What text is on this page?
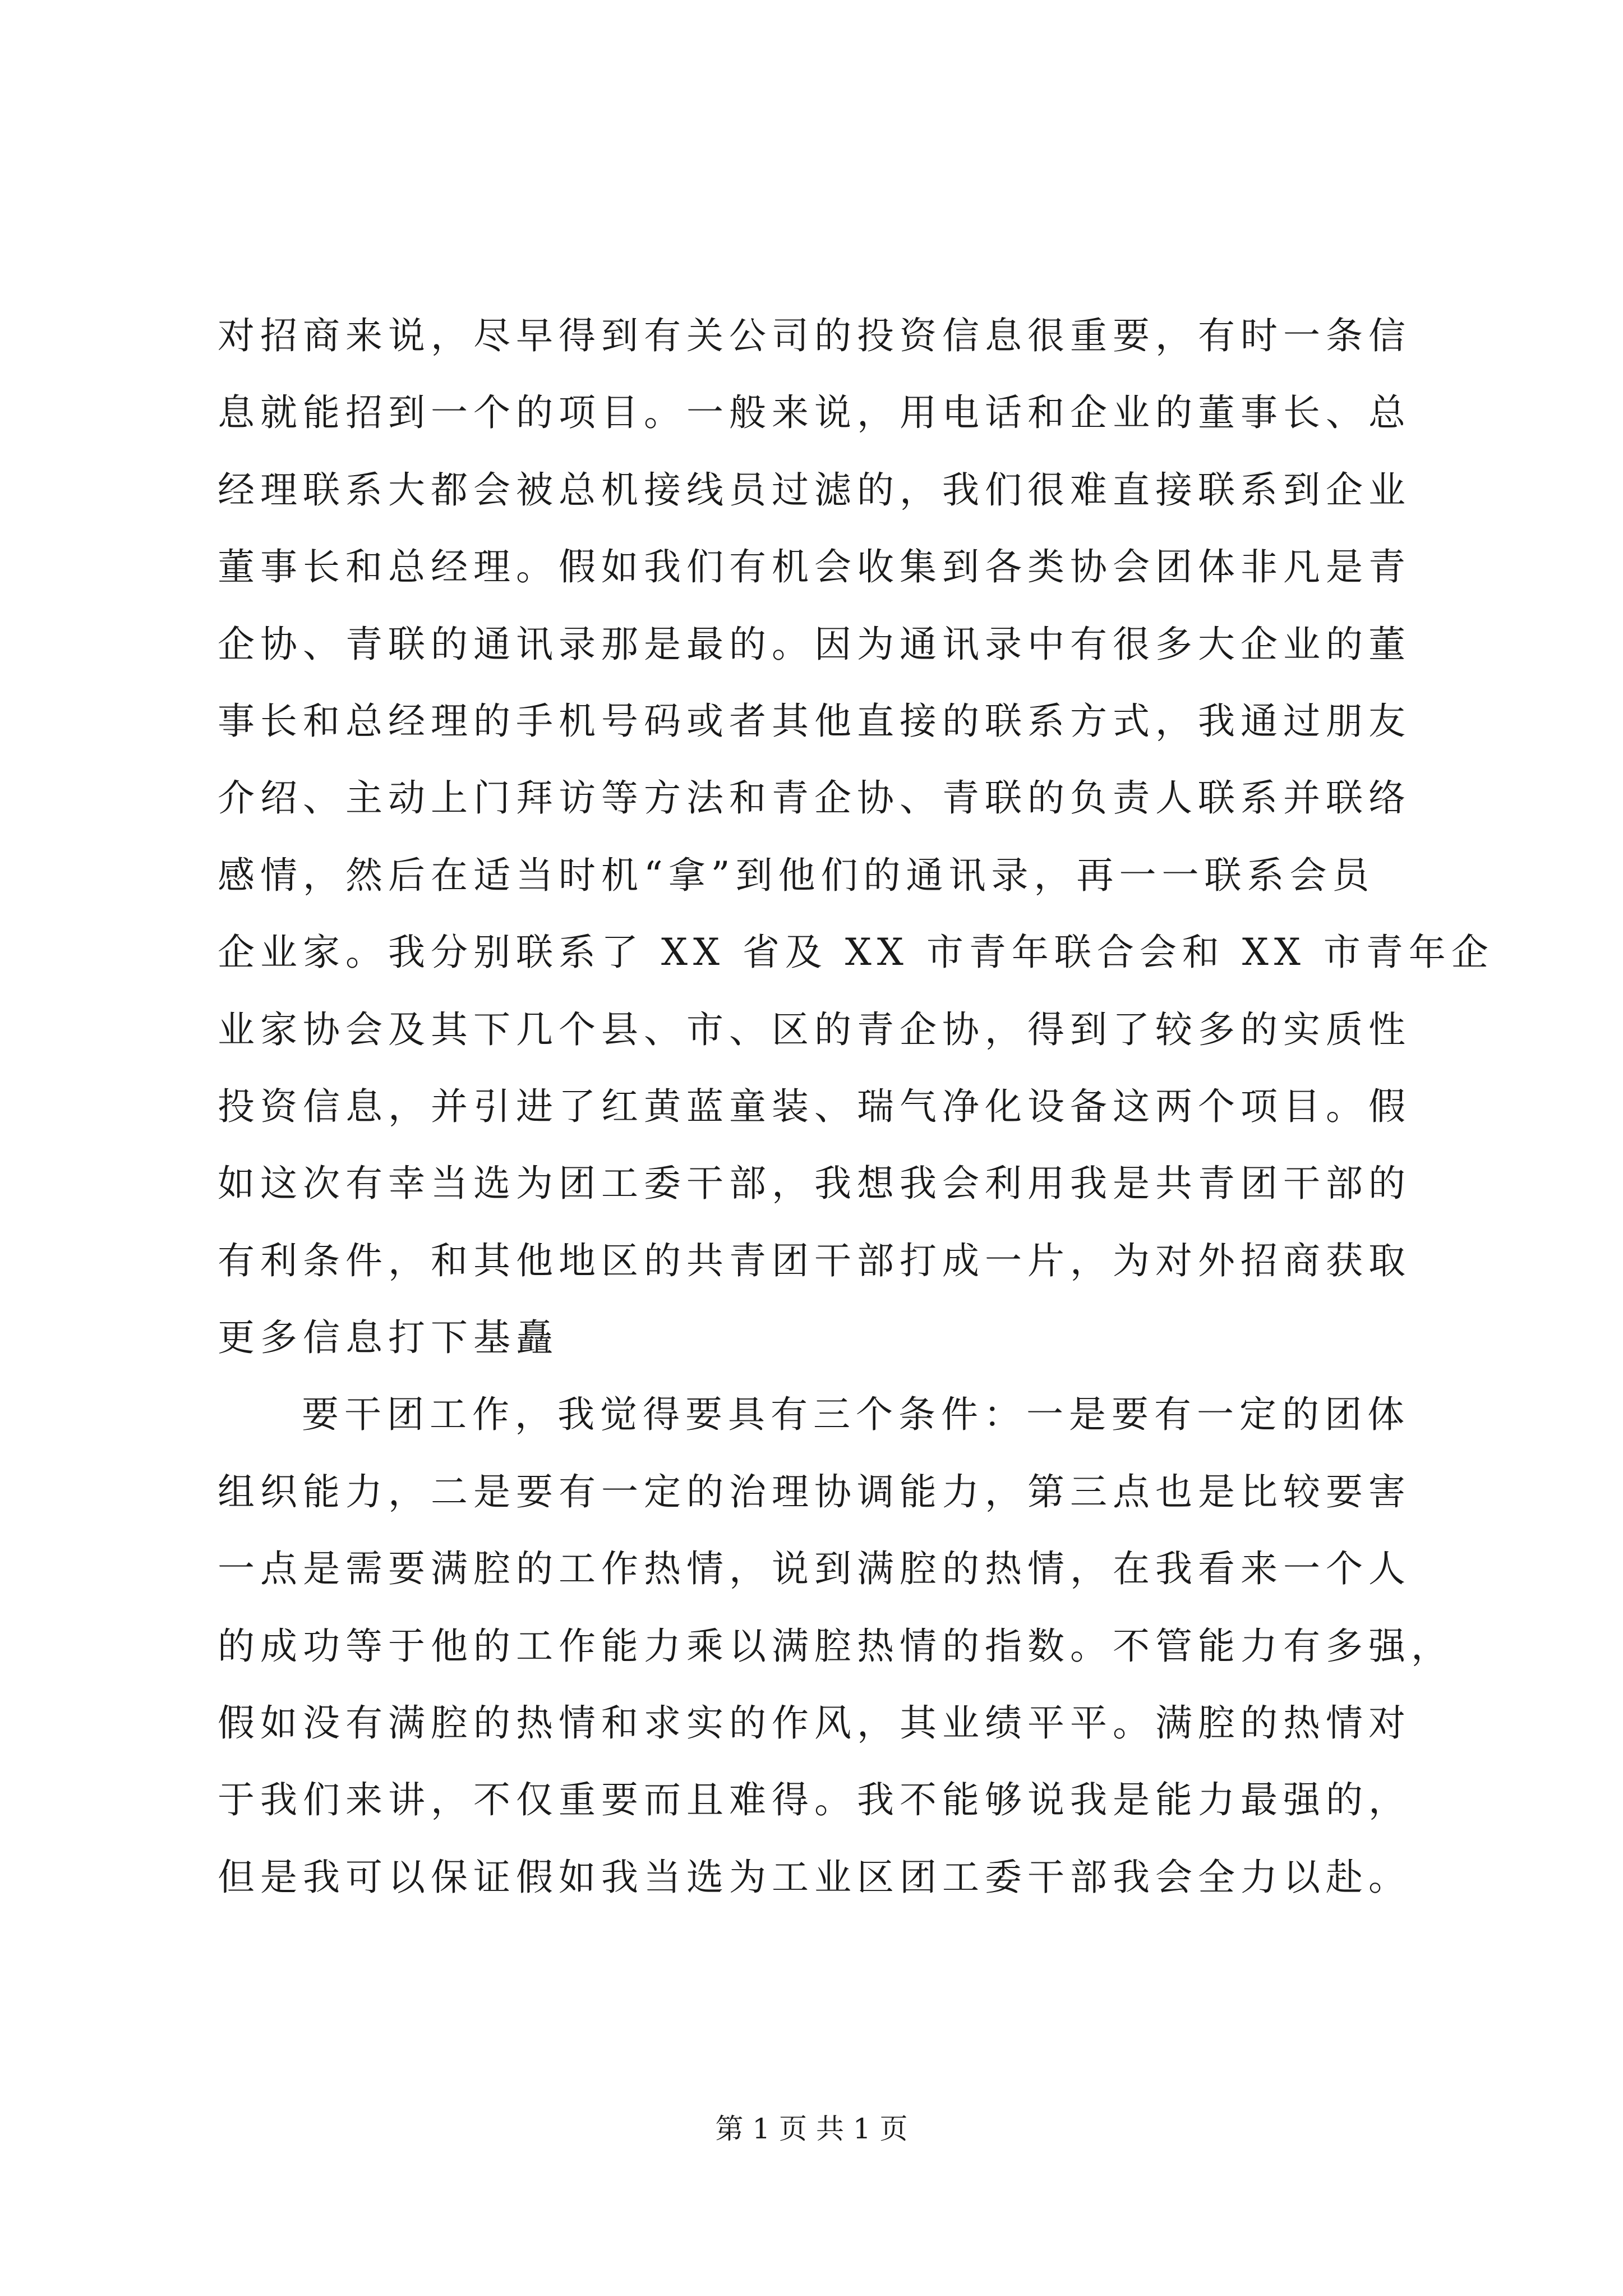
对招商来说，尽早得到有关公司的投资信息很重要，有时一条信
息就能招到一个的项目。一般来说，用电话和企业的董事长、总
经理联系大都会被总机接线员过滤的，我们很难直接联系到企业
董事长和总经理。假如我们有机会收集到各类协会团体非凡是青
企协、青联的通讯录那是最的。因为通讯录中有很多大企业的董
事长和总经理的手机号码或者其他直接的联系方式，我通过朋友
介绍、主动上门拜访等方法和青企协、青联的负责人联系并联络
感情，然后在适当时机“拿”到他们的通讯录，再一一联系会员
企业家。我分别联系了 XX 省及 XX 市青年联合会和 XX 市青年企
业家协会及其下几个县、市、区的青企协，得到了较多的实质性
投资信息，并引进了红黄蓝童装、瑞气净化设备这两个项目。假
如这次有幸当选为团工委干部，我想我会利用我是共青团干部的
有利条件，和其他地区的共青团干部打成一片，为对外招商获取
更多信息打下基矗
要干团工作，我觉得要具有三个条件：一是要有一定的团体
组织能力，二是要有一定的治理协调能力，第三点也是比较要害
一点是需要满腔的工作热情，说到满腔的热情，在我看来一个人
的成功等于他的工作能力乘以满腔热情的指数。不管能力有多强，
假如没有满腔的热情和求实的作风，其业绩平平。满腔的热情对
于我们来讲，不仅重要而且难得。我不能够说我是能力最强的，
但是我可以保证假如我当选为工业区团工委干部我会全力以赴。
第 1 页 共 1 页
